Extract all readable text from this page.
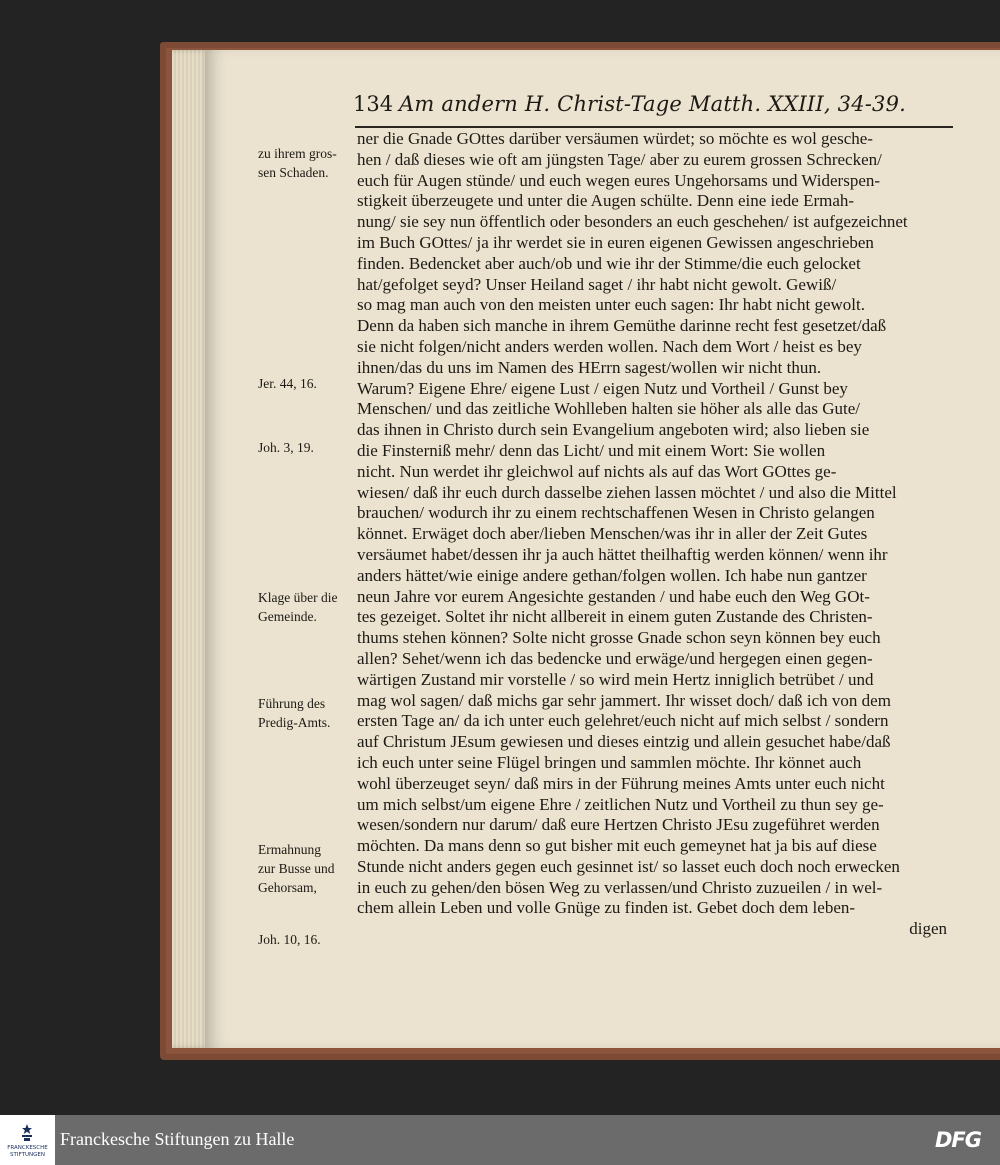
134 Am andern H. Christ-Tage Matth. XXIII, 34-39.
ner die Gnade GOttes darüber versäumen würdet; so möchte es wol gesche-
hen / daß dieses wie oft am jüngsten Tage/ aber zu eurem grossen Schrecken/
euch für Augen stünde/ und euch wegen eures Ungehorsams und Widerspen-
stigkeit überzeugete und unter die Augen schülte. Denn eine iede Ermah-
nung/ sie sey nun öffentlich oder besonders an euch geschehen/ ist aufgezeichnet
im Buch GOttes/ ja ihr werdet sie in euren eigenen Gewissen angeschrieben
finden. Bedencket aber auch/ob und wie ihr der Stimme/die euch gelocket
hat/gefolget seyd? Unser Heiland saget / ihr habt nicht gewolt. Gewiß/
so mag man auch von den meisten unter euch sagen: Ihr habt nicht gewolt.
Denn da haben sich manche in ihrem Gemüthe darinne recht fest gesetzet/daß
sie nicht folgen/nicht anders werden wollen. Nach dem Wort / heist es bey
ihnen/das du uns im Namen des HErrn sagest/wollen wir nicht thun.
Warum? Eigene Ehre/ eigene Lust / eigen Nutz und Vortheil / Gunst bey
Menschen/ und das zeitliche Wohlleben halten sie höher als alle das Gute/
das ihnen in Christo durch sein Evangelium angeboten wird; also lieben sie
die Finsterniß mehr/ denn das Licht/ und mit einem Wort: Sie wollen
nicht. Nun werdet ihr gleichwol auf nichts als auf das Wort GOttes ge-
wiesen/ daß ihr euch durch dasselbe ziehen lassen möchtet / und also die Mittel
brauchen/ wodurch ihr zu einem rechtschaffenen Wesen in Christo gelangen
könnet. Erwäget doch aber/lieben Menschen/was ihr in aller der Zeit Gutes
versäumet habet/dessen ihr ja auch hättet theilhaftig werden können/ wenn ihr
anders hättet/wie einige andere gethan/folgen wollen. Ich habe nun gantzer
neun Jahre vor eurem Angesichte gestanden / und habe euch den Weg GOt-
tes gezeiget. Soltet ihr nicht allbereit in einem guten Zustande des Christen-
thums stehen können? Solte nicht grosse Gnade schon seyn können bey euch
allen? Sehet/wenn ich das bedencke und erwäge/und hergegen einen gegen-
wärtigen Zustand mir vorstelle / so wird mein Hertz inniglich betrübet / und
mag wol sagen/ daß michs gar sehr jammert. Ihr wisset doch/ daß ich von dem
ersten Tage an/ da ich unter euch gelehret/euch nicht auf mich selbst / sondern
auf Christum JEsum gewiesen und dieses eintzig und allein gesuchet habe/daß
ich euch unter seine Flügel bringen und sammlen möchte. Ihr könnet auch
wohl überzeuget seyn/ daß mirs in der Führung meines Amts unter euch nicht
um mich selbst/um eigene Ehre / zeitlichen Nutz und Vortheil zu thun sey ge-
wesen/sondern nur darum/ daß eure Hertzen Christo JEsu zugeführet werden
möchten. Da mans denn so gut bisher mit euch gemeynet hat ja bis auf diese
Stunde nicht anders gegen euch gesinnet ist/ so lasset euch doch noch erwecken
in euch zu gehen/den bösen Weg zu verlassen/und Christo zuzueilen / in wel-
chem allein Leben und volle Gnüge zu finden ist. Gebet doch dem leben-
digen
zu ihrem gros-
sen Schaden.
Jer. 44, 16.
Joh. 3, 19.
Klage über die
Gemeinde.
Führung des
Predig-Amts.
Ermahnung
zur Busse und
Gehorsam,
Joh. 10, 16.
FRANCKESCHE STIFTUNGEN
Franckesche Stiftungen zu Halle	DFG
